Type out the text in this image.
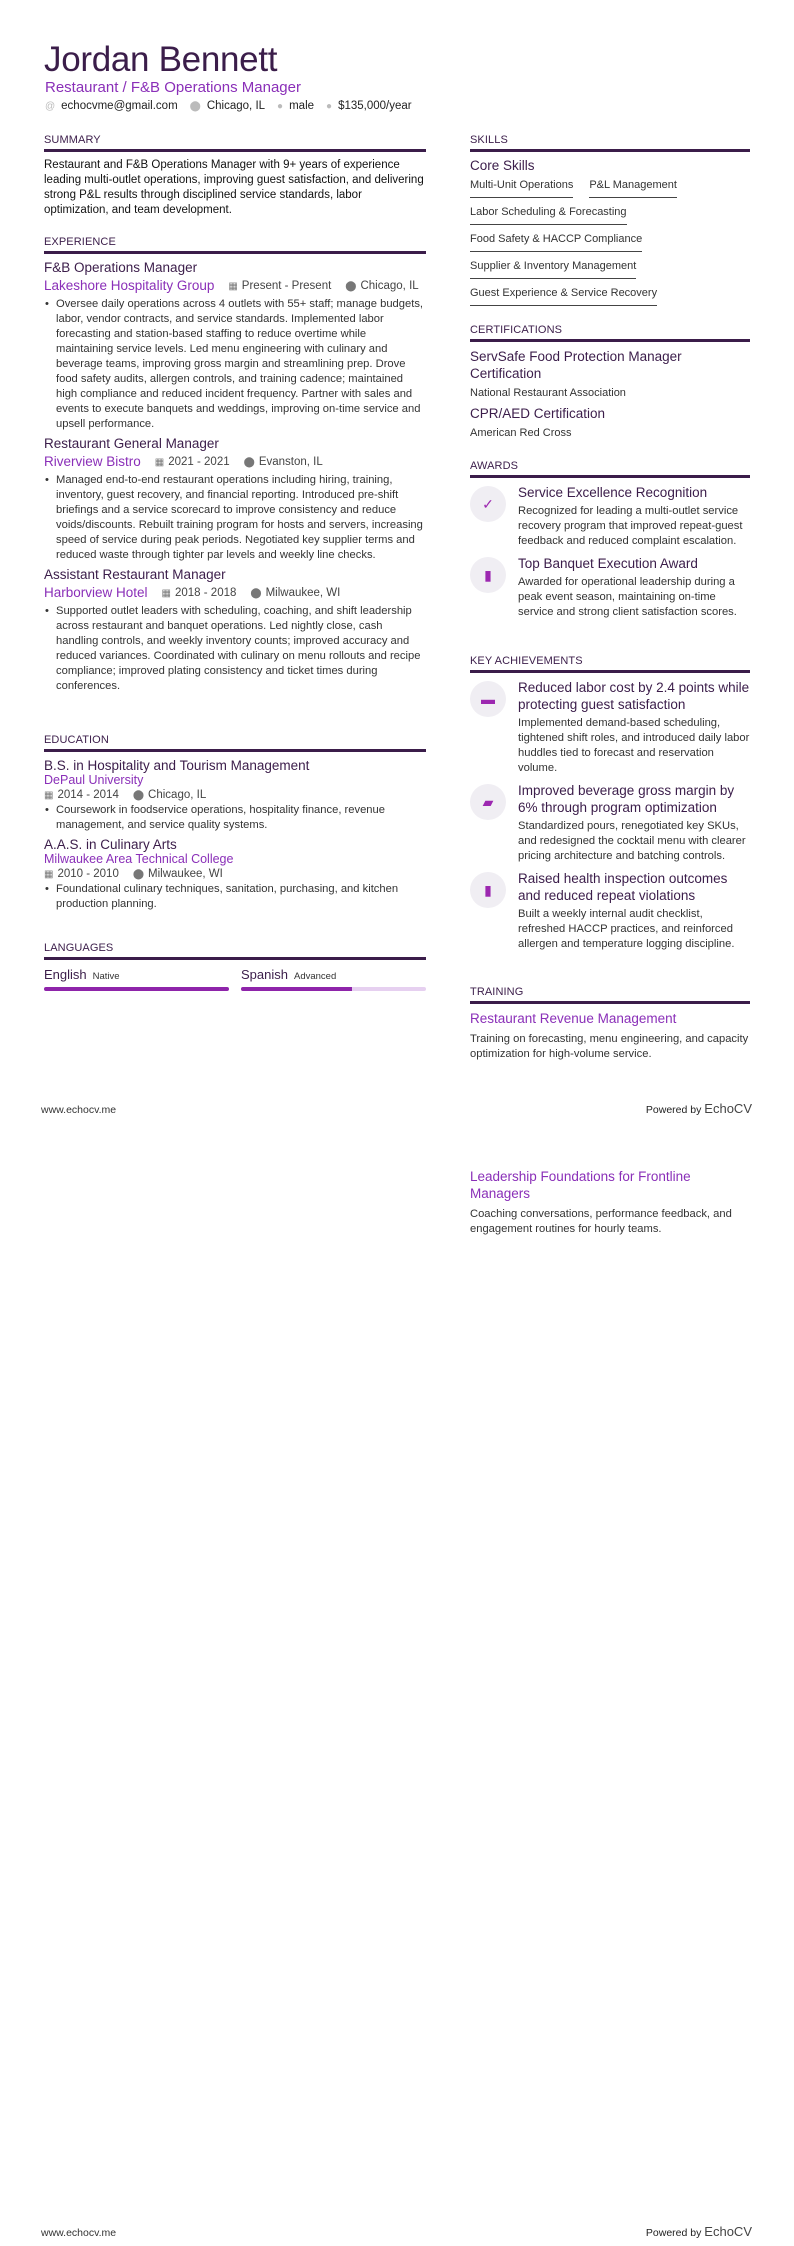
Jordan Bennett
Restaurant / F&B Operations Manager
@ echocvme@gmail.com ⬤ Chicago, IL ● male ● $135,000/year
SUMMARY
Restaurant and F&B Operations Manager with 9+ years of experience leading multi-outlet operations, improving guest satisfaction, and delivering strong P&L results through disciplined service standards, labor optimization, and team development.
EXPERIENCE
F&B Operations Manager
Lakeshore Hospitality Group ▦ Present - Present ⬤ Chicago, IL
• Oversee daily operations across 4 outlets with 55+ staff; manage budgets, labor, vendor contracts, and service standards. Implemented labor forecasting and station-based staffing to reduce overtime while maintaining service levels. Led menu engineering with culinary and beverage teams, improving gross margin and streamlining prep. Drove food safety audits, allergen controls, and training cadence; maintained high compliance and reduced incident frequency. Partner with sales and events to execute banquets and weddings, improving on-time service and upsell performance.
Restaurant General Manager
Riverview Bistro ▦ 2021 - 2021 ⬤ Evanston, IL
• Managed end-to-end restaurant operations including hiring, training, inventory, guest recovery, and financial reporting. Introduced pre-shift briefings and a service scorecard to improve consistency and reduce voids/discounts. Rebuilt training program for hosts and servers, increasing speed of service during peak periods. Negotiated key supplier terms and reduced waste through tighter par levels and weekly line checks.
Assistant Restaurant Manager
Harborview Hotel ▦ 2018 - 2018 ⬤ Milwaukee, WI
• Supported outlet leaders with scheduling, coaching, and shift leadership across restaurant and banquet operations. Led nightly close, cash handling controls, and weekly inventory counts; improved accuracy and reduced variances. Coordinated with culinary on menu rollouts and recipe compliance; improved plating consistency and ticket times during conferences.
EDUCATION
B.S. in Hospitality and Tourism Management
DePaul University
▦ 2014 - 2014 ⬤ Chicago, IL
• Coursework in foodservice operations, hospitality finance, revenue management, and service quality systems.
A.A.S. in Culinary Arts
Milwaukee Area Technical College
▦ 2010 - 2010 ⬤ Milwaukee, WI
• Foundational culinary techniques, sanitation, purchasing, and kitchen production planning.
LANGUAGES
English Native	Spanish Advanced
SKILLS
Core Skills
Multi-Unit Operations P&L Management
Labor Scheduling & Forecasting
Food Safety & HACCP Compliance
Supplier & Inventory Management
Guest Experience & Service Recovery
CERTIFICATIONS
ServSafe Food Protection Manager Certification
National Restaurant Association
CPR/AED Certification
American Red Cross
AWARDS
✓
Service Excellence Recognition
Recognized for leading a multi-outlet service recovery program that improved repeat-guest feedback and reduced complaint escalation.
▮
Top Banquet Execution Award
Awarded for operational leadership during a peak event season, maintaining on-time service and strong client satisfaction scores.
KEY ACHIEVEMENTS
▬
Reduced labor cost by 2.4 points while protecting guest satisfaction
Implemented demand-based scheduling, tightened shift roles, and introduced daily labor huddles tied to forecast and reservation volume.
▰
Improved beverage gross margin by 6% through program optimization
Standardized pours, renegotiated key SKUs, and redesigned the cocktail menu with clearer pricing architecture and batching controls.
▮
Raised health inspection outcomes and reduced repeat violations
Built a weekly internal audit checklist, refreshed HACCP practices, and reinforced allergen and temperature logging discipline.
TRAINING
Restaurant Revenue Management
Training on forecasting, menu engineering, and capacity optimization for high-volume service.
www.echocv.me	Powered by EchoCV
Leadership Foundations for Frontline Managers
Coaching conversations, performance feedback, and engagement routines for hourly teams.
www.echocv.me	Powered by EchoCV
